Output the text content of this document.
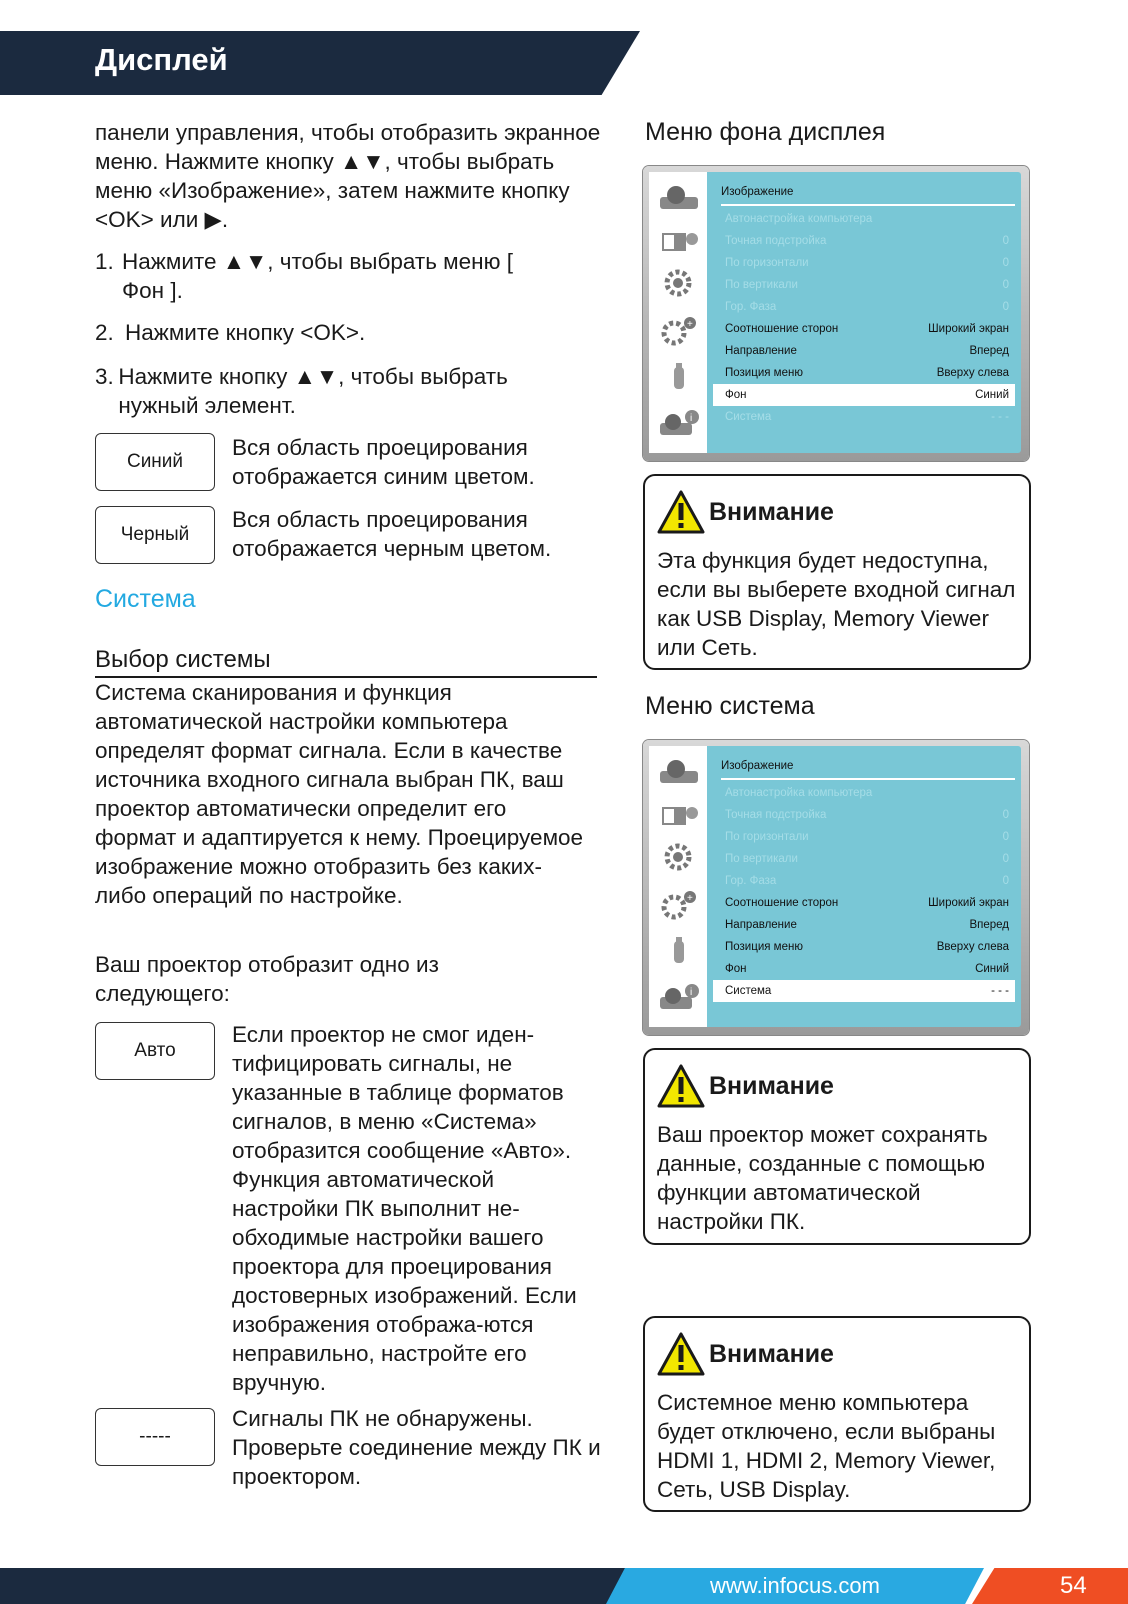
Дисплей
панели управления, чтобы отобразить экранное меню. Нажмите кнопку ▲▼, чтобы выбрать меню «Изображение», затем нажмите кнопку <OK> или ▶.
1. Нажмите ▲▼, чтобы выбрать меню [ Фон ].
2. Нажмите кнопку <OK>.
3. Нажмите кнопку ▲▼, чтобы выбрать нужный элемент.
Синий
Вся область проецирования отображается синим цветом.
Черный
Вся область проецирования отображается черным цветом.
Система
Выбор системы
Система сканирования и функция автоматической настройки компьютера определят формат сигнала. Если в качестве источника входного сигнала выбран ПК, ваш проектор автоматически определит его формат и адаптируется к нему. Проецируемое изображение можно отобразить без каких-либо операций по настройке.
Ваш проектор отобразит одно из следующего:
Авто
Если проектор не смог иден-тифицировать сигналы, не указанные в таблице форматов сигналов, в меню «Система» отобразится сообщение «Авто». Функция автоматической настройки ПК выполнит не-обходимые настройки вашего проектора для проецирования достоверных изображений. Если изображения отобража-ются неправильно, настройте его вручную.
-----
Сигналы ПК не обнаружены. Проверьте соединение между ПК и проектором.
Меню фона дисплея
+
i
Изображение
Автонастройка компьютера
Точная подстройка	0
По горизонтали	0
По вертикали	0
Гор. Фаза	0
Соотношение сторон	Широкий экран
Направление	Вперед
Позиция меню	Вверху слева
Фон	Синий
Система	- - -
Внимание
Эта функция будет недоступна, если вы выберете входной сигнал как USB Display, Memory Viewer или Сеть.
Меню система
+
i
Изображение
Автонастройка компьютера
Точная подстройка	0
По горизонтали	0
По вертикали	0
Гор. Фаза	0
Соотношение сторон	Широкий экран
Направление	Вперед
Позиция меню	Вверху слева
Фон	Синий
Система	- - -
Внимание
Ваш проектор может сохранять данные, созданные с помощью функции автоматической настройки ПК.
Внимание
Системное меню компьютера будет отключено, если выбраны HDMI 1, HDMI 2, Memory Viewer, Сеть, USB Display.
www.infocus.com	54
